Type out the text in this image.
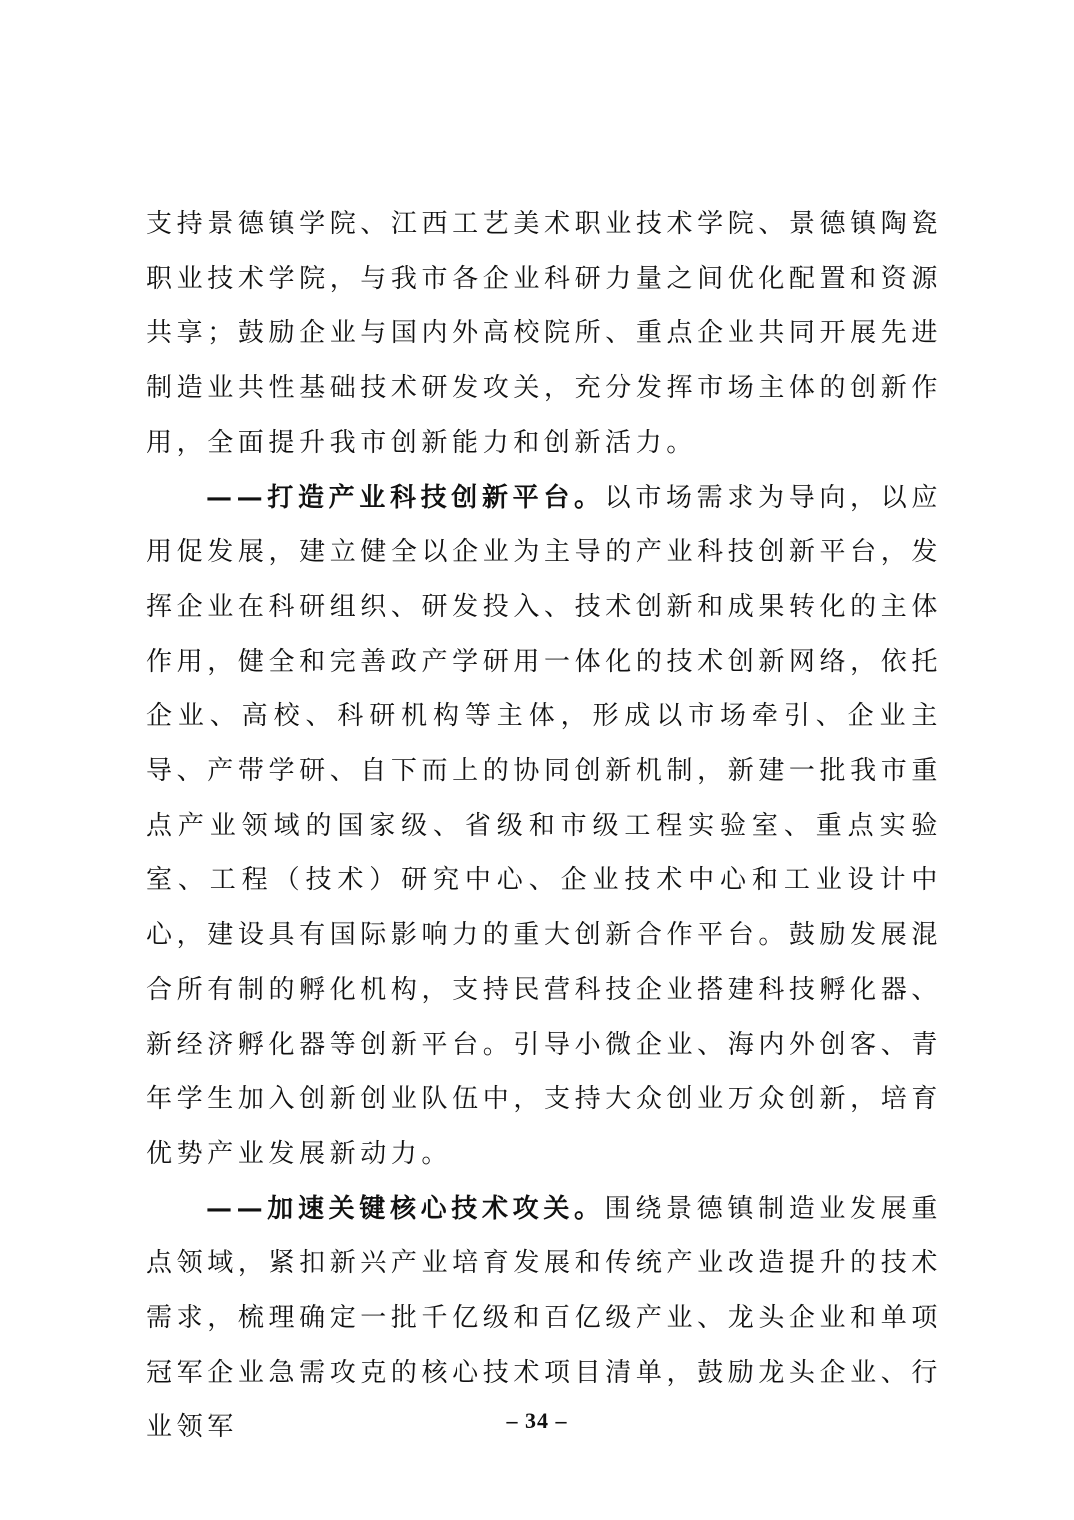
支持景德镇学院、江西工艺美术职业技术学院、景德镇陶瓷职业技术学院，与我市各企业科研力量之间优化配置和资源共享；鼓励企业与国内外高校院所、重点企业共同开展先进制造业共性基础技术研发攻关，充分发挥市场主体的创新作用，全面提升我市创新能力和创新活力。

——打造产业科技创新平台。以市场需求为导向，以应用促发展，建立健全以企业为主导的产业科技创新平台，发挥企业在科研组织、研发投入、技术创新和成果转化的主体作用，健全和完善政产学研用一体化的技术创新网络，依托企业、高校、科研机构等主体，形成以市场牵引、企业主导、产带学研、自下而上的协同创新机制，新建一批我市重点产业领域的国家级、省级和市级工程实验室、重点实验室、工程（技术）研究中心、企业技术中心和工业设计中心，建设具有国际影响力的重大创新合作平台。鼓励发展混合所有制的孵化机构，支持民营科技企业搭建科技孵化器、新经济孵化器等创新平台。引导小微企业、海内外创客、青年学生加入创新创业队伍中，支持大众创业万众创新，培育优势产业发展新动力。

——加速关键核心技术攻关。围绕景德镇制造业发展重点领域，紧扣新兴产业培育发展和传统产业改造提升的技术需求，梳理确定一批千亿级和百亿级产业、龙头企业和单项冠军企业急需攻克的核心技术项目清单，鼓励龙头企业、行业领军	– 34 –
